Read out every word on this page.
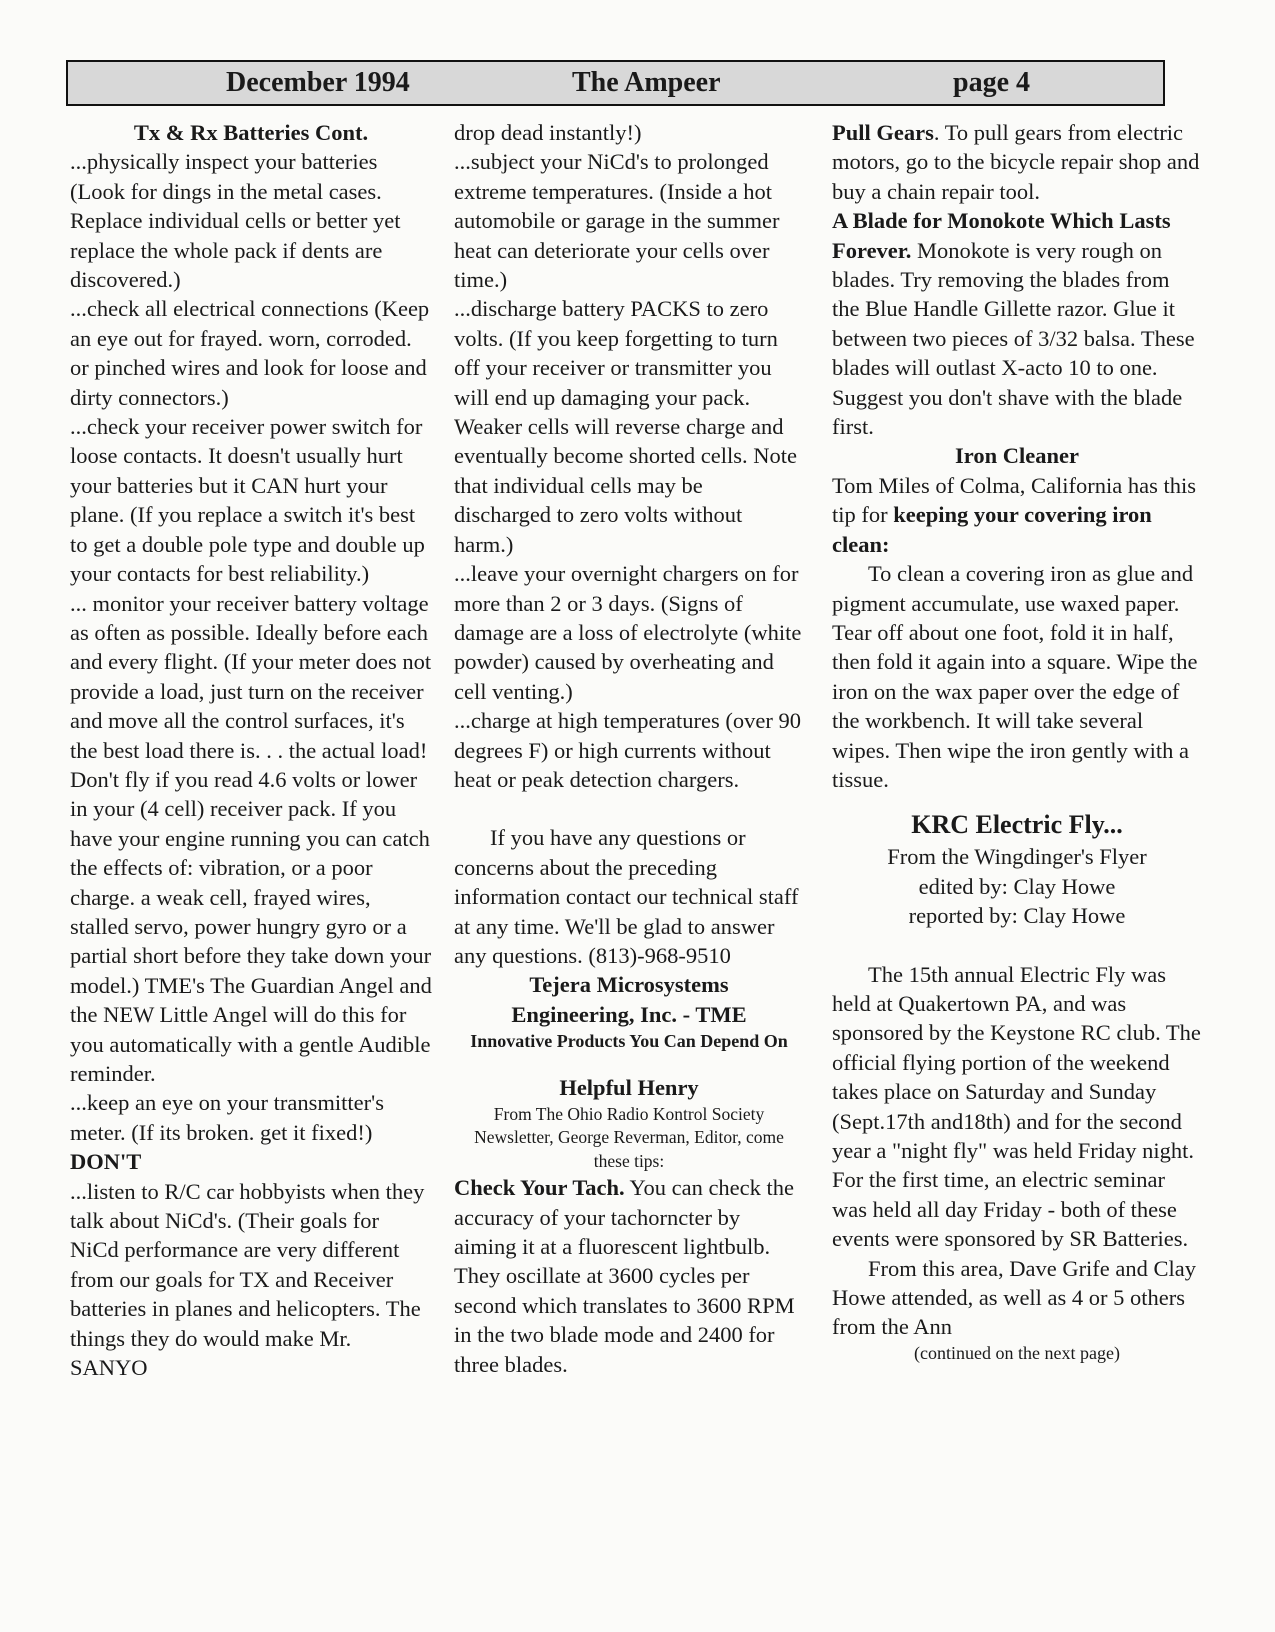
December 1994	The Ampeer	page 4

Tx & Rx Batteries Cont.

...physically inspect your batteries (Look for dings in the metal cases. Replace individual cells or better yet replace the whole pack if dents are discovered.)

...check all electrical connections (Keep an eye out for frayed. worn, corroded. or pinched wires and look for loose and dirty connectors.)

...check your receiver power switch for loose contacts. It doesn't usually hurt your batteries but it CAN hurt your plane. (If you replace a switch it's best to get a double pole type and double up your contacts for best reliability.)

... monitor your receiver battery voltage as often as possible. Ideally before each and every flight. (If your meter does not provide a load, just turn on the receiver and move all the control surfaces, it's the best load there is. . . the actual load! Don't fly if you read 4.6 volts or lower in your (4 cell) receiver pack. If you have your engine running you can catch the effects of: vibration, or a poor charge. a weak cell, frayed wires, stalled servo, power hungry gyro or a partial short before they take down your model.) TME's The Guardian Angel and the NEW Little Angel will do this for you automatically with a gentle Audible reminder.

...keep an eye on your transmitter's meter. (If its broken. get it fixed!)

DON'T

...listen to R/C car hobbyists when they talk about NiCd's. (Their goals for NiCd performance are very different from our goals for TX and Receiver batteries in planes and helicopters. The things they do would make Mr. SANYO

drop dead instantly!)

...subject your NiCd's to prolonged extreme temperatures. (Inside a hot automobile or garage in the summer heat can deteriorate your cells over time.)

...discharge battery PACKS to zero volts. (If you keep forgetting to turn off your receiver or transmitter you will end up damaging your pack. Weaker cells will reverse charge and eventually become shorted cells. Note that individual cells may be discharged to zero volts without harm.)

...leave your overnight chargers on for more than 2 or 3 days. (Signs of damage are a loss of electrolyte (white powder) caused by overheating and cell venting.)

...charge at high temperatures (over 90 degrees F) or high currents without heat or peak detection chargers.

If you have any questions or concerns about the preceding information contact our technical staff at any time. We'll be glad to answer any questions. (813)-968-9510

Tejera Microsystems

Engineering, Inc. - TME

Innovative Products You Can Depend On

Helpful Henry

From The Ohio Radio Kontrol Society Newsletter, George Reverman, Editor, come these tips:

Check Your Tach. You can check the accuracy of your tachorncter by aiming it at a fluorescent lightbulb. They oscillate at 3600 cycles per second which translates to 3600 RPM in the two blade mode and 2400 for three blades.

Pull Gears. To pull gears from electric motors, go to the bicycle repair shop and buy a chain repair tool.

A Blade for Monokote Which Lasts Forever. Monokote is very rough on blades. Try removing the blades from the Blue Handle Gillette razor. Glue it between two pieces of 3/32 balsa. These blades will outlast X-acto 10 to one. Suggest you don't shave with the blade first.

Iron Cleaner

Tom Miles of Colma, California has this tip for keeping your covering iron clean:

To clean a covering iron as glue and pigment accumulate, use waxed paper. Tear off about one foot, fold it in half, then fold it again into a square. Wipe the iron on the wax paper over the edge of the workbench. It will take several wipes. Then wipe the iron gently with a tissue.

KRC Electric Fly...

From the Wingdinger's Flyer

edited by: Clay Howe

reported by: Clay Howe

The 15th annual Electric Fly was held at Quakertown PA, and was sponsored by the Keystone RC club. The official flying portion of the weekend takes place on Saturday and Sunday (Sept.17th and18th) and for the second year a "night fly" was held Friday night. For the first time, an electric seminar was held all day Friday - both of these events were sponsored by SR Batteries.

From this area, Dave Grife and Clay Howe attended, as well as 4 or 5 others from the Ann

(continued on the next page)
